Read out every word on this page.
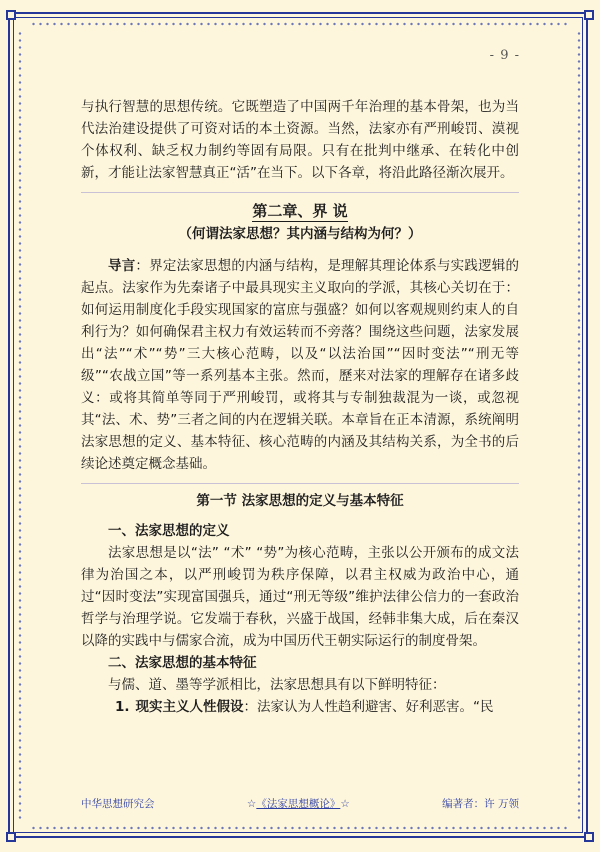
- 9 -

与执行智慧的思想传统。它既塑造了中国两千年治理的基本骨架，也为当代法治建设提供了可资对话的本土资源。当然，法家亦有严刑峻罚、漠视个体权利、缺乏权力制约等固有局限。只有在批判中继承、在转化中创新，才能让法家智慧真正“活”在当下。以下各章，将沿此路径渐次展开。

第二章、界 说

（何谓法家思想？其内涵与结构为何？）

导言：界定法家思想的内涵与结构，是理解其理论体系与实践逻辑的起点。法家作为先秦诸子中最具现实主义取向的学派，其核心关切在于：如何运用制度化手段实现国家的富庶与强盛？如何以客观规则约束人的自利行为？如何确保君主权力有效运转而不旁落？围绕这些问题，法家发展出“法”“术”“势”三大核心范畴，以及“以法治国”“因时变法”“刑无等级”“农战立国”等一系列基本主张。然而，歷来对法家的理解存在诸多歧义：或将其简单等同于严刑峻罚，或将其与专制独裁混为一谈，或忽视其“法、术、势”三者之间的内在逻辑关联。本章旨在正本清源，系统阐明法家思想的定义、基本特征、核心范畴的内涵及其结构关系，为全书的后续论述奠定概念基础。

第一节 法家思想的定义与基本特征

一、法家思想的定义

法家思想是以“法” “术” “势”为核心范畴，主张以公开颁布的成文法律为治国之本，以严刑峻罚为秩序保障，以君主权威为政治中心，通过“因时变法”实现富国强兵，通过“刑无等级”维护法律公信力的一套政治哲学与治理学说。它发端于春秋，兴盛于战国，经韩非集大成，后在秦汉以降的实践中与儒家合流，成为中国历代王朝实际运行的制度骨架。

二、法家思想的基本特征

与儒、道、墨等学派相比，法家思想具有以下鲜明特征：

1. 现实主义人性假设：法家认为人性趋利避害、好利恶害。“民

中华思想研究会	☆《法家思想概论》☆	编著者：许 万领
